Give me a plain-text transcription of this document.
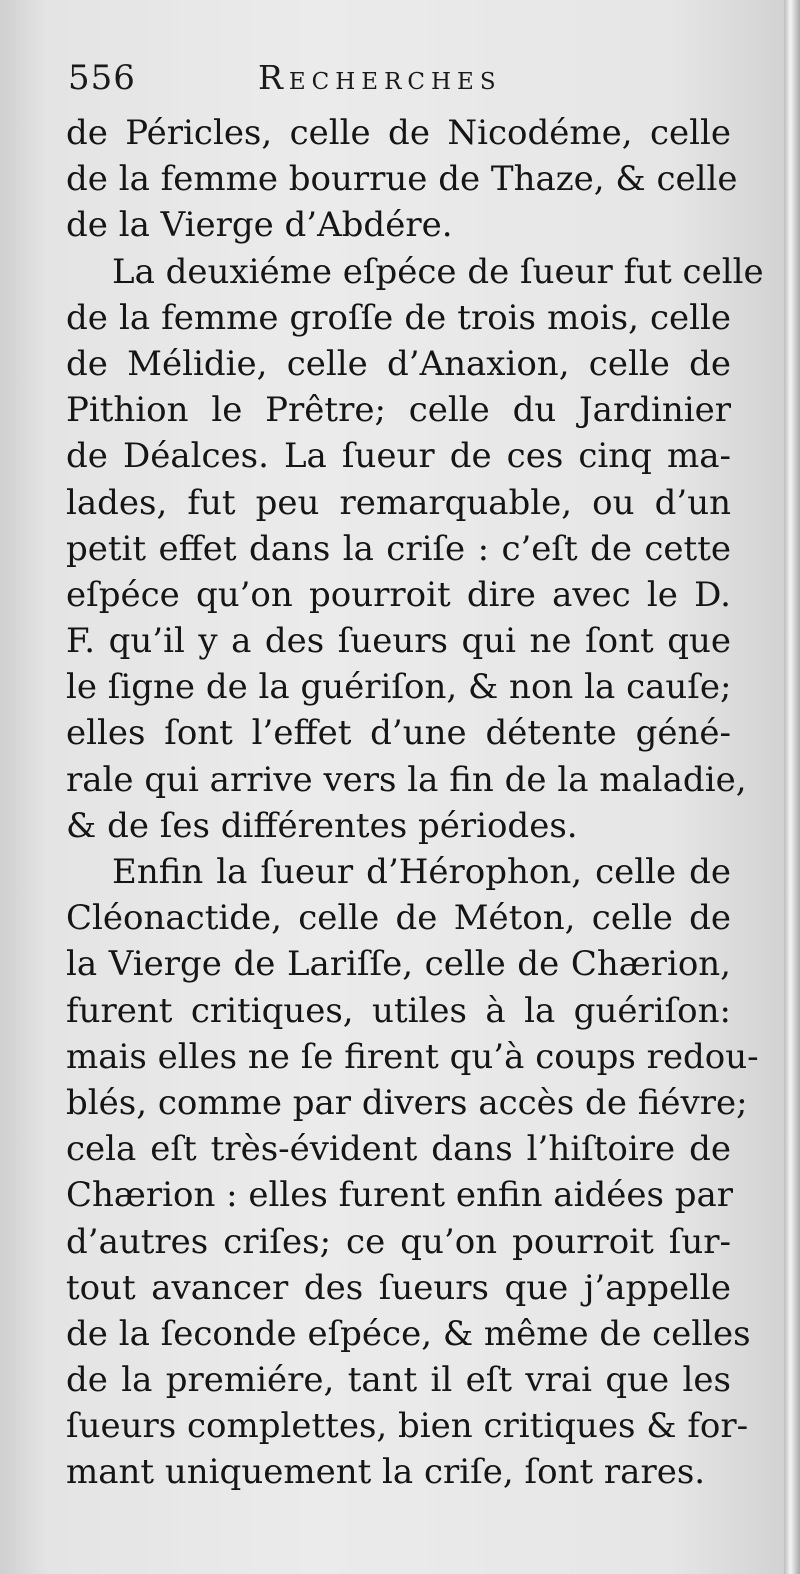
556	Recherches
de Péricles, celle de Nicodéme, celle
de la femme bourrue de Thaze, & celle
de la Vierge d’Abdére.
La deuxiéme eſpéce de ſueur fut celle
de la femme groſſe de trois mois, celle
de Mélidie, celle d’Anaxion, celle de
Pithion le Prêtre; celle du Jardinier
de Déalces. La ſueur de ces cinq ma-
lades, fut peu remarquable, ou d’un
petit effet dans la criſe : c’eſt de cette
eſpéce qu’on pourroit dire avec le D.
F. qu’il y a des ſueurs qui ne ſont que
le ſigne de la guériſon, & non la cauſe;
elles ſont l’effet d’une détente géné-
rale qui arrive vers la fin de la maladie,
& de ſes différentes périodes.
Enfin la ſueur d’Hérophon, celle de
Cléonactide, celle de Méton, celle de
la Vierge de Lariſſe, celle de Chærion,
furent critiques, utiles à la guériſon:
mais elles ne ſe firent qu’à coups redou-
blés, comme par divers accès de fiévre;
cela eſt très-évident dans l’hiſtoire de
Chærion : elles furent enfin aidées par
d’autres criſes; ce qu’on pourroit ſur-
tout avancer des ſueurs que j’appelle
de la ſeconde eſpéce, & même de celles
de la premiére, tant il eſt vrai que les
ſueurs complettes, bien critiques & for-
mant uniquement la criſe, ſont rares.
